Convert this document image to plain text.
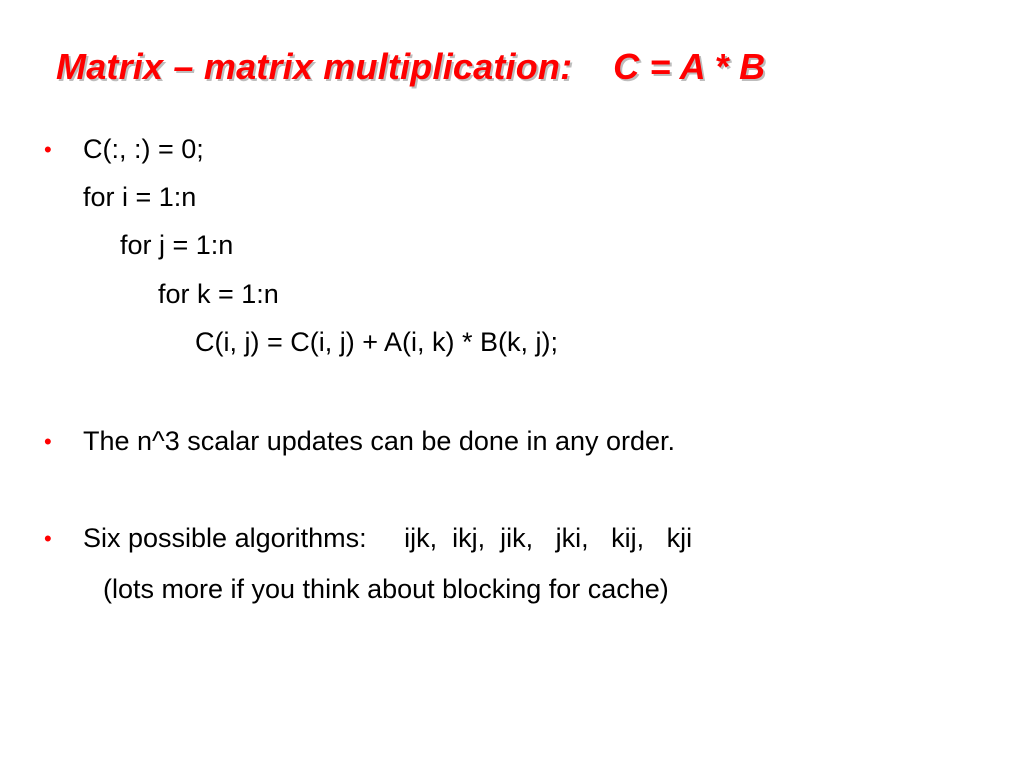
Matrix – matrix multiplication:    C = A * B
• C(:, :) = 0;
for i = 1:n
for j = 1:n
for k = 1:n
C(i, j) = C(i, j) + A(i, k) * B(k, j);
• The n^3 scalar updates can be done in any order.
• Six possible algorithms:     ijk,  ikj,  jik,   jki,   kij,   kji
(lots more if you think about blocking for cache)
